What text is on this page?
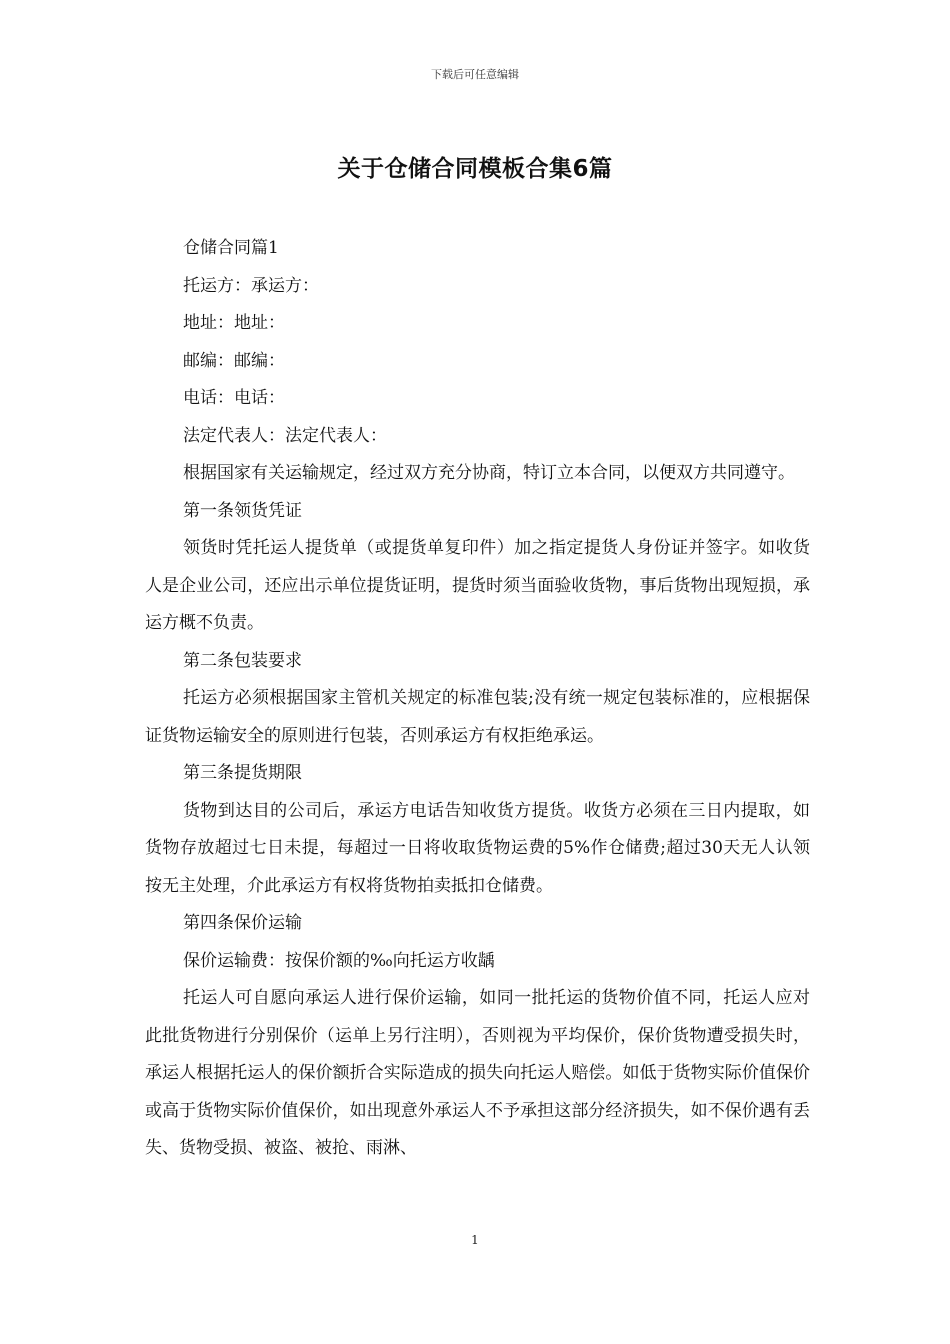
下载后可任意编辑
关于仓储合同模板合集6篇

仓储合同篇1

托运方：承运方：

地址：地址：

邮编：邮编：

电话：电话：

法定代表人：法定代表人：

根据国家有关运输规定，经过双方充分协商，特订立本合同，以便双方共同遵守。

第一条领货凭证

领货时凭托运人提货单（或提货单复印件）加之指定提货人身份证并签字。如收货人是企业公司，还应出示单位提货证明，提货时须当面验收货物，事后货物出现短损，承运方概不负责。

第二条包装要求

托运方必须根据国家主管机关规定的标准包装;没有统一规定包装标准的，应根据保证货物运输安全的原则进行包装，否则承运方有权拒绝承运。

第三条提货期限

货物到达目的公司后，承运方电话告知收货方提货。收货方必须在三日内提取，如货物存放超过七日未提，每超过一日将收取货物运费的5%作仓储费;超过30天无人认领按无主处理，介此承运方有权将货物拍卖抵扣仓储费。

第四条保价运输

保价运输费：按保价额的‰向托运方收龋

托运人可自愿向承运人进行保价运输，如同一批托运的货物价值不同，托运人应对此批货物进行分别保价（运单上另行注明），否则视为平均保价，保价货物遭受损失时，承运人根据托运人的保价额折合实际造成的损失向托运人赔偿。如低于货物实际价值保价或高于货物实际价值保价，如出现意外承运人不予承担这部分经济损失，如不保价遇有丢失、货物受损、被盗、被抢、雨淋、

1
